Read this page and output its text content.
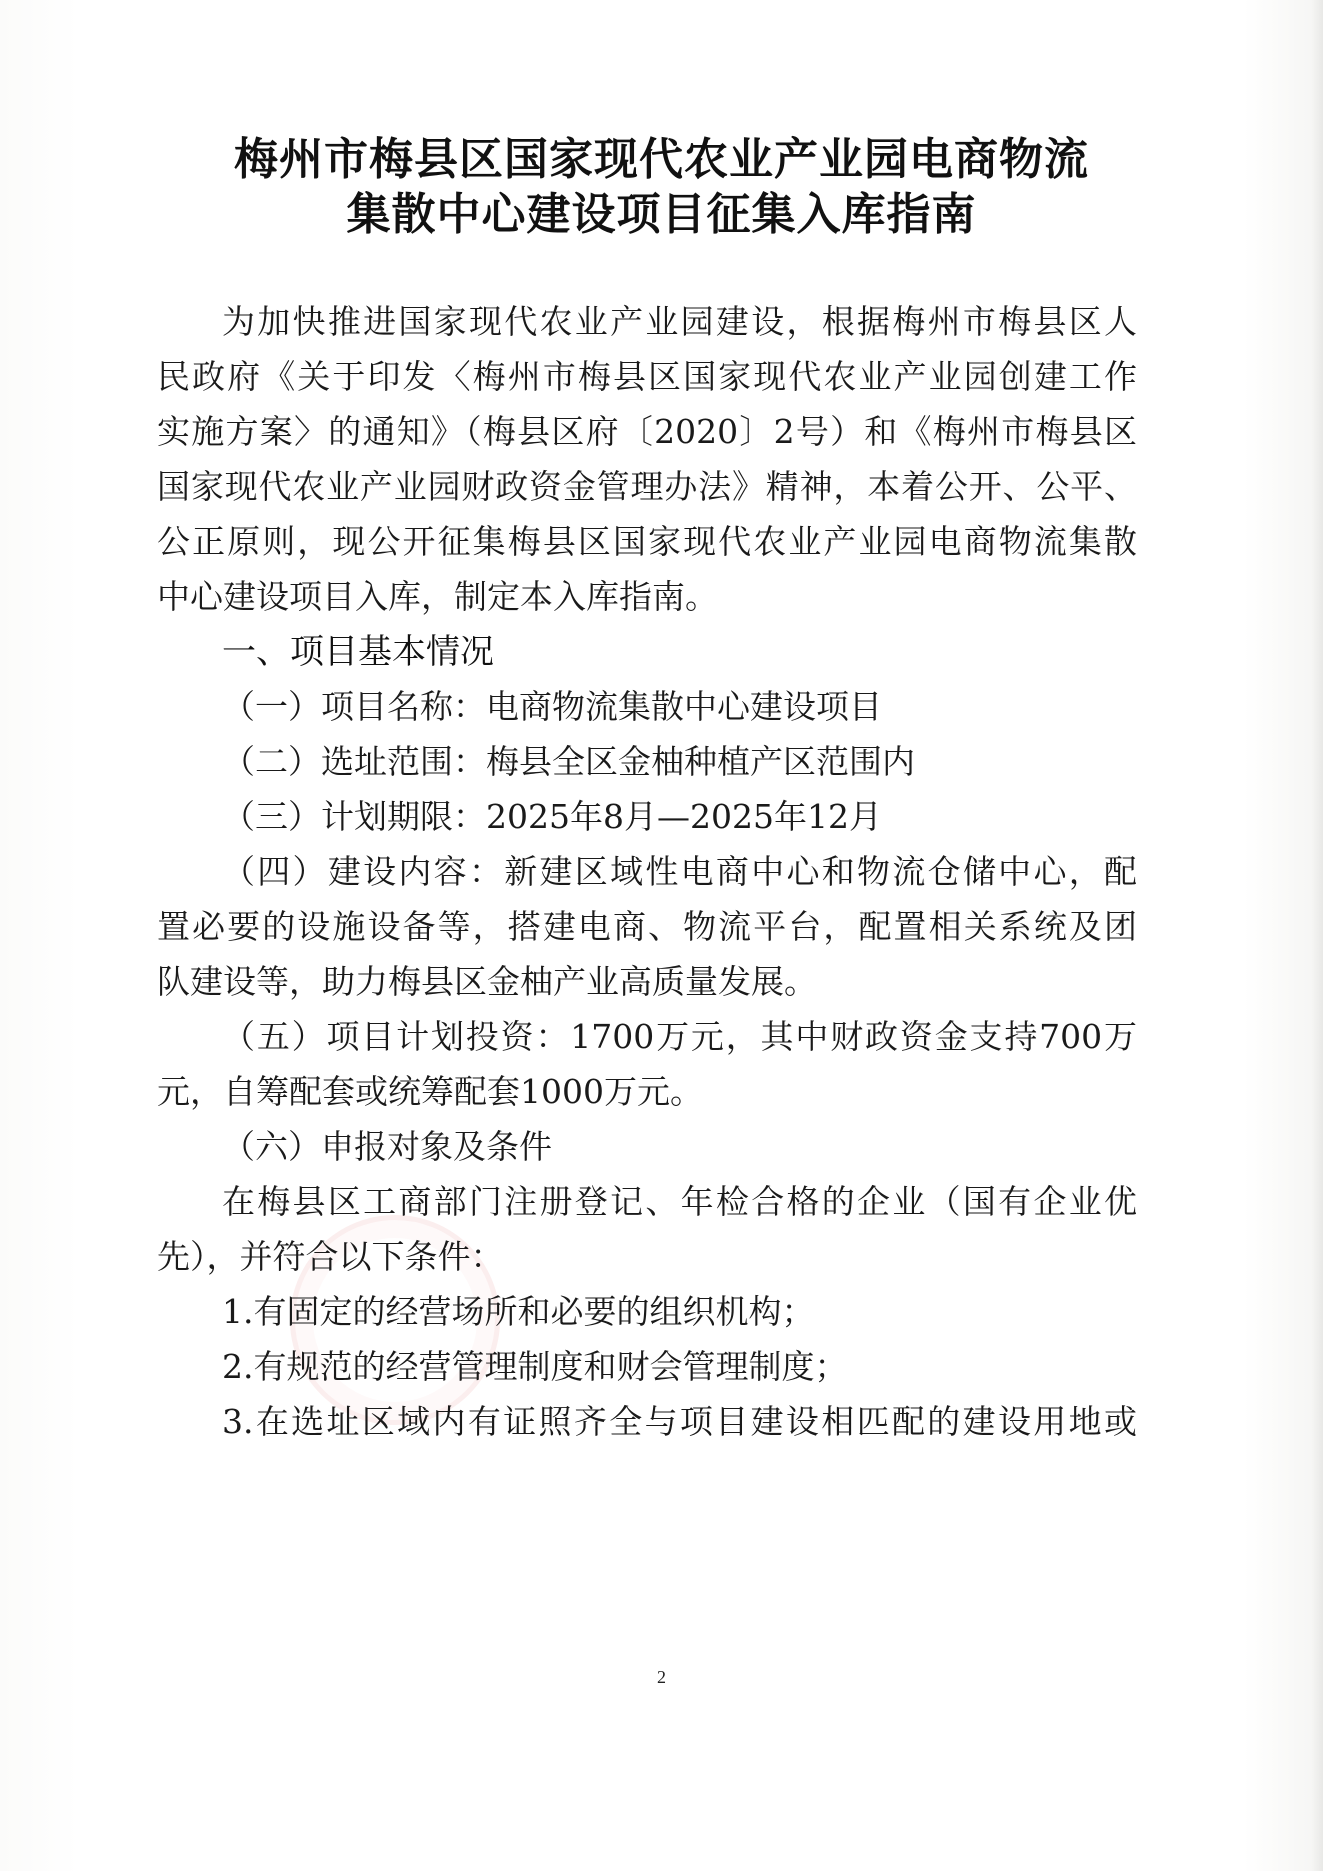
梅州市梅县区国家现代农业产业园电商物流
集散中心建设项目征集入库指南
为加快推进国家现代农业产业园建设，根据梅州市梅县区人
民政府《关于印发〈梅州市梅县区国家现代农业产业园创建工作
实施方案〉的通知》（梅县区府〔2020〕2号）和《梅州市梅县区
国家现代农业产业园财政资金管理办法》精神，本着公开、公平、
公正原则，现公开征集梅县区国家现代农业产业园电商物流集散
中心建设项目入库，制定本入库指南。
一、项目基本情况
（一）项目名称：电商物流集散中心建设项目
（二）选址范围：梅县全区金柚种植产区范围内
（三）计划期限：2025年8月—2025年12月
（四）建设内容：新建区域性电商中心和物流仓储中心，配
置必要的设施设备等，搭建电商、物流平台，配置相关系统及团
队建设等，助力梅县区金柚产业高质量发展。
（五）项目计划投资：1700万元，其中财政资金支持700万
元，自筹配套或统筹配套1000万元。
（六）申报对象及条件
在梅县区工商部门注册登记、年检合格的企业（国有企业优
先），并符合以下条件：
1.有固定的经营场所和必要的组织机构；
2.有规范的经营管理制度和财会管理制度；
3.在选址区域内有证照齐全与项目建设相匹配的建设用地或
2
